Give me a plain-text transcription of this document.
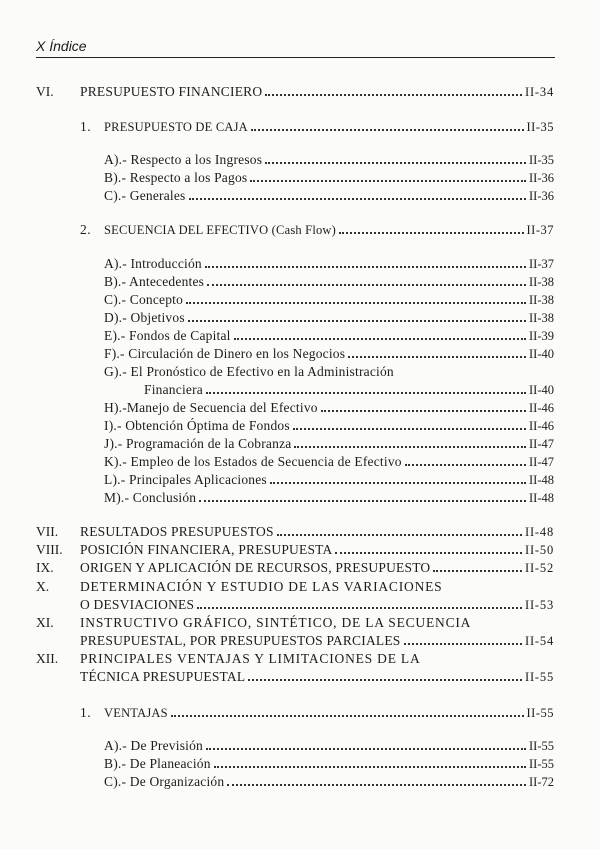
X Índice
VI. PRESUPUESTO FINANCIERO	II-34
1. PRESUPUESTO DE CAJA	II-35
A).- Respecto a los Ingresos	II-35
B).- Respecto a los Pagos	II-36
C).- Generales	II-36
2. SECUENCIA DEL EFECTIVO (Cash Flow)	II-37
A).- Introducción	II-37
B).- Antecedentes	II-38
C).- Concepto	II-38
D).- Objetivos	II-38
E).- Fondos de Capital	II-39
F).- Circulación de Dinero en los Negocios	II-40
G).- El Pronóstico de Efectivo en la Administración
Financiera	II-40
H).-Manejo de Secuencia del Efectivo	II-46
I).- Obtención Óptima de Fondos	II-46
J).- Programación de la Cobranza	II-47
K).- Empleo de los Estados de Secuencia de Efectivo	II-47
L).- Principales Aplicaciones	II-48
M).- Conclusión	II-48
VII. RESULTADOS PRESUPUESTOS	II-48
VIII. POSICIÓN FINANCIERA, PRESUPUESTA	II-50
IX. ORIGEN Y APLICACIÓN DE RECURSOS, PRESUPUESTO	II-52
X. DETERMINACIÓN Y ESTUDIO DE LAS VARIACIONES
O DESVIACIONES	II-53
XI. INSTRUCTIVO GRÁFICO, SINTÉTICO, DE LA SECUENCIA
PRESUPUESTAL, POR PRESUPUESTOS PARCIALES	II-54
XII. PRINCIPALES VENTAJAS Y LIMITACIONES DE LA
TÉCNICA PRESUPUESTAL	II-55
1. VENTAJAS	II-55
A).- De Previsión	II-55
B).- De Planeación	II-55
C).- De Organización	II-72
